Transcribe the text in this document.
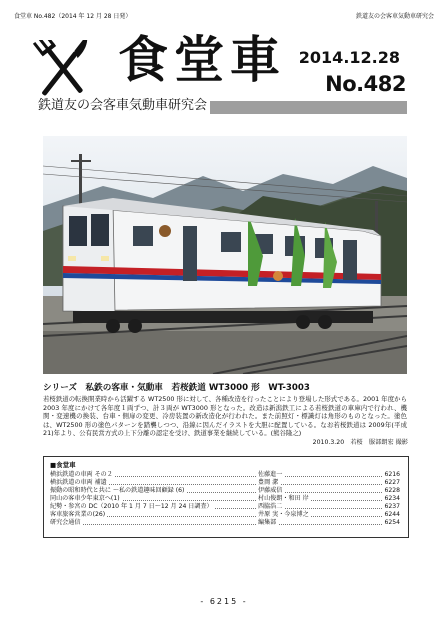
食堂車 No.482（2014 年 12 月 28 日発）	鉄道友の会客車気動車研究会
食堂車 2014.12.28
No.482
鉄道友の会客車気動車研究会
シリーズ　私鉄の客車・気動車　若桜鉄道 WT3000 形　WT-3003
若桜鉄道の転換開業時から活躍する WT2500 形に対して、各種改造を行ったことにより登場した形式である。2001 年度から 2003 年度にかけて各年度１両ずつ、計３両が WT3000 形となった。改造は新潟鉄工による若桜鉄道の車庫内で行われ、機関・変速機の換装、台車・側扉の変更、冷房装置の新改造化が行われた。また前照灯・標識灯は角形のものとなった。塗色は、WT2500 形の塗色パターンを踏襲しつつ、沿線に因んだイラストを大胆に配置している。なお若桜鉄道は 2009年(平成 21)年より、公有民営方式の上下分離の認定を受け、鉄道事業を継続している。(熊谷隆之)
2010.3.20　若桜　服部朗宏 撮影
■食堂車
横浜鉄道の車両 その２	佐藤進一	6216
横浜鉄道の車両 補遺	豊岡 潔	6227
振動の昭和時代と共に ～私の鉄道趣味回顧録 (6)	伊藤威信	6228
同山の客車少年東京へ(1)	村山俊朗・和田 岸	6234
紀勢・参宮の DC（2010 年 1 月 7 日～12 月 24 日調査）	西脇浩二	6237
客車旅客営業の(26)	井原 実・今泉博之	6244
研究会通信	編集部	6254
- 6215 -
